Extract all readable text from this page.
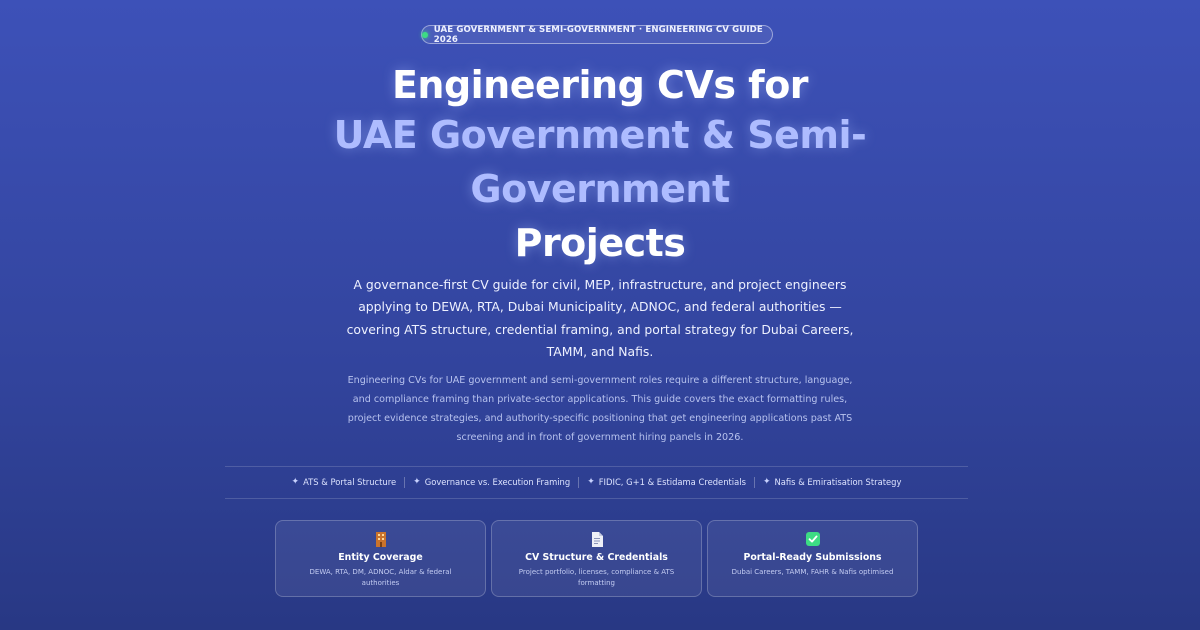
UAE GOVERNMENT & SEMI-GOVERNMENT · ENGINEERING CV GUIDE 2026
Engineering CVs for
UAE Government & Semi-
Government
Projects

A governance-first CV guide for civil, MEP, infrastructure, and project engineers applying to DEWA, RTA, Dubai Municipality, ADNOC, and federal authorities — covering ATS structure, credential framing, and portal strategy for Dubai Careers, TAMM, and Nafis.

Engineering CVs for UAE government and semi-government roles require a different structure, language, and compliance framing than private-sector applications. This guide covers the exact formatting rules, project evidence strategies, and authority-specific positioning that get engineering applications past ATS screening and in front of government hiring panels in 2026.

✦ ATS & Portal Structure ✦ Governance vs. Execution Framing ✦ FIDIC, G+1 & Estidama Credentials ✦ Nafis & Emiratisation Strategy
Entity Coverage
DEWA, RTA, DM, ADNOC, Aldar & federal authorities
CV Structure & Credentials
Project portfolio, licenses, compliance & ATS formatting
Portal-Ready Submissions
Dubai Careers, TAMM, FAHR & Nafis optimised
